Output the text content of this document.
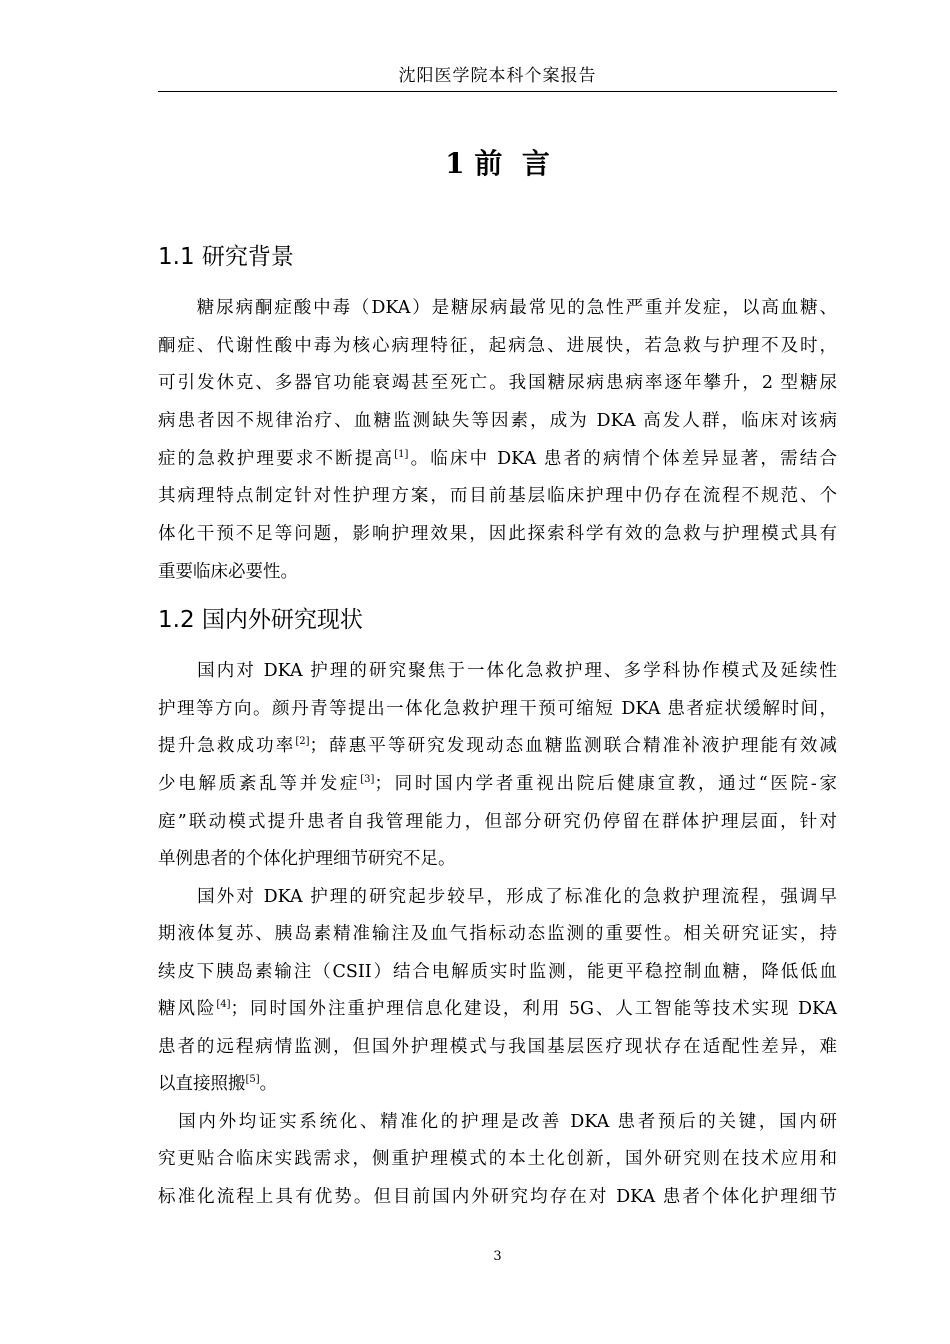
沈阳医学院本科个案报告
1 前  言
1.1 研究背景
　　糖尿病酮症酸中毒（DKA）是糖尿病最常见的急性严重并发症，以高血糖、
酮症、代谢性酸中毒为核心病理特征，起病急、进展快，若急救与护理不及时，
可引发休克、多器官功能衰竭甚至死亡。我国糖尿病患病率逐年攀升，2 型糖尿
病患者因不规律治疗、血糖监测缺失等因素，成为 DKA 高发人群，临床对该病
症的急救护理要求不断提高[1]。临床中 DKA 患者的病情个体差异显著，需结合
其病理特点制定针对性护理方案，而目前基层临床护理中仍存在流程不规范、个
体化干预不足等问题，影响护理效果，因此探索科学有效的急救与护理模式具有
重要临床必要性。
1.2 国内外研究现状
　　国内对 DKA 护理的研究聚焦于一体化急救护理、多学科协作模式及延续性
护理等方向。颜丹青等提出一体化急救护理干预可缩短 DKA 患者症状缓解时间，
提升急救成功率[2]；薛惠平等研究发现动态血糖监测联合精准补液护理能有效减
少电解质紊乱等并发症[3]；同时国内学者重视出院后健康宣教，通过“医院-家
庭”联动模式提升患者自我管理能力，但部分研究仍停留在群体护理层面，针对
单例患者的个体化护理细节研究不足。
　　国外对 DKA 护理的研究起步较早，形成了标准化的急救护理流程，强调早
期液体复苏、胰岛素精准输注及血气指标动态监测的重要性。相关研究证实，持
续皮下胰岛素输注（CSII）结合电解质实时监测，能更平稳控制血糖，降低低血
糖风险[4]；同时国外注重护理信息化建设，利用 5G、人工智能等技术实现 DKA
患者的远程病情监测，但国外护理模式与我国基层医疗现状存在适配性差异，难
以直接照搬[5]。
　国内外均证实系统化、精准化的护理是改善 DKA 患者预后的关键，国内研
究更贴合临床实践需求，侧重护理模式的本土化创新，国外研究则在技术应用和
标准化流程上具有优势。但目前国内外研究均存在对 DKA 患者个体化护理细节
3
